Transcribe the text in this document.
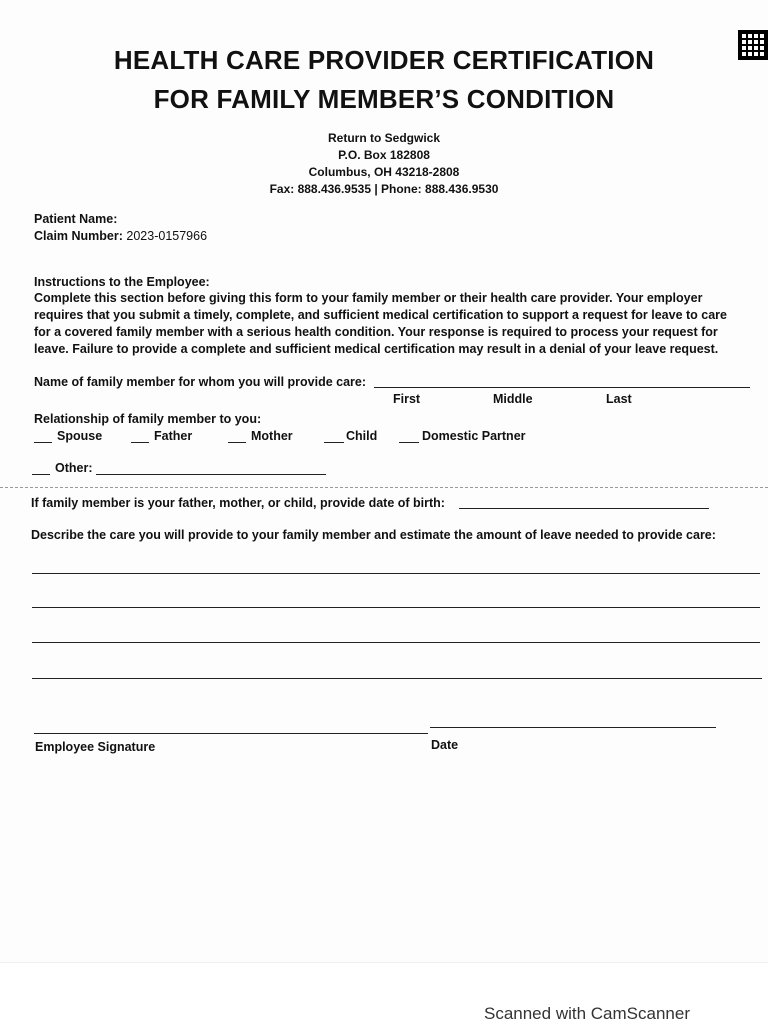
HEALTH CARE PROVIDER CERTIFICATION
FOR FAMILY MEMBER’S CONDITION
Return to Sedgwick
P.O. Box 182808
Columbus, OH 43218-2808
Fax: 888.436.9535 | Phone: 888.436.9530
Patient Name:
Claim Number: 2023-0157966
Instructions to the Employee:
Complete this section before giving this form to your family member or their health care provider. Your employer requires that you submit a timely, complete, and sufficient medical certification to support a request for leave to care for a covered family member with a serious health condition. Your response is required to process your request for leave. Failure to provide a complete and sufficient medical certification may result in a denial of your leave request.
Name of family member for whom you will provide care:
First	Middle	Last
Relationship of family member to you:
Spouse	Father	Mother	Child	Domestic Partner
Other:
If family member is your father, mother, or child, provide date of birth:
Describe the care you will provide to your family member and estimate the amount of leave needed to provide care:
Employee Signature	Date
Scanned with CamScanner
